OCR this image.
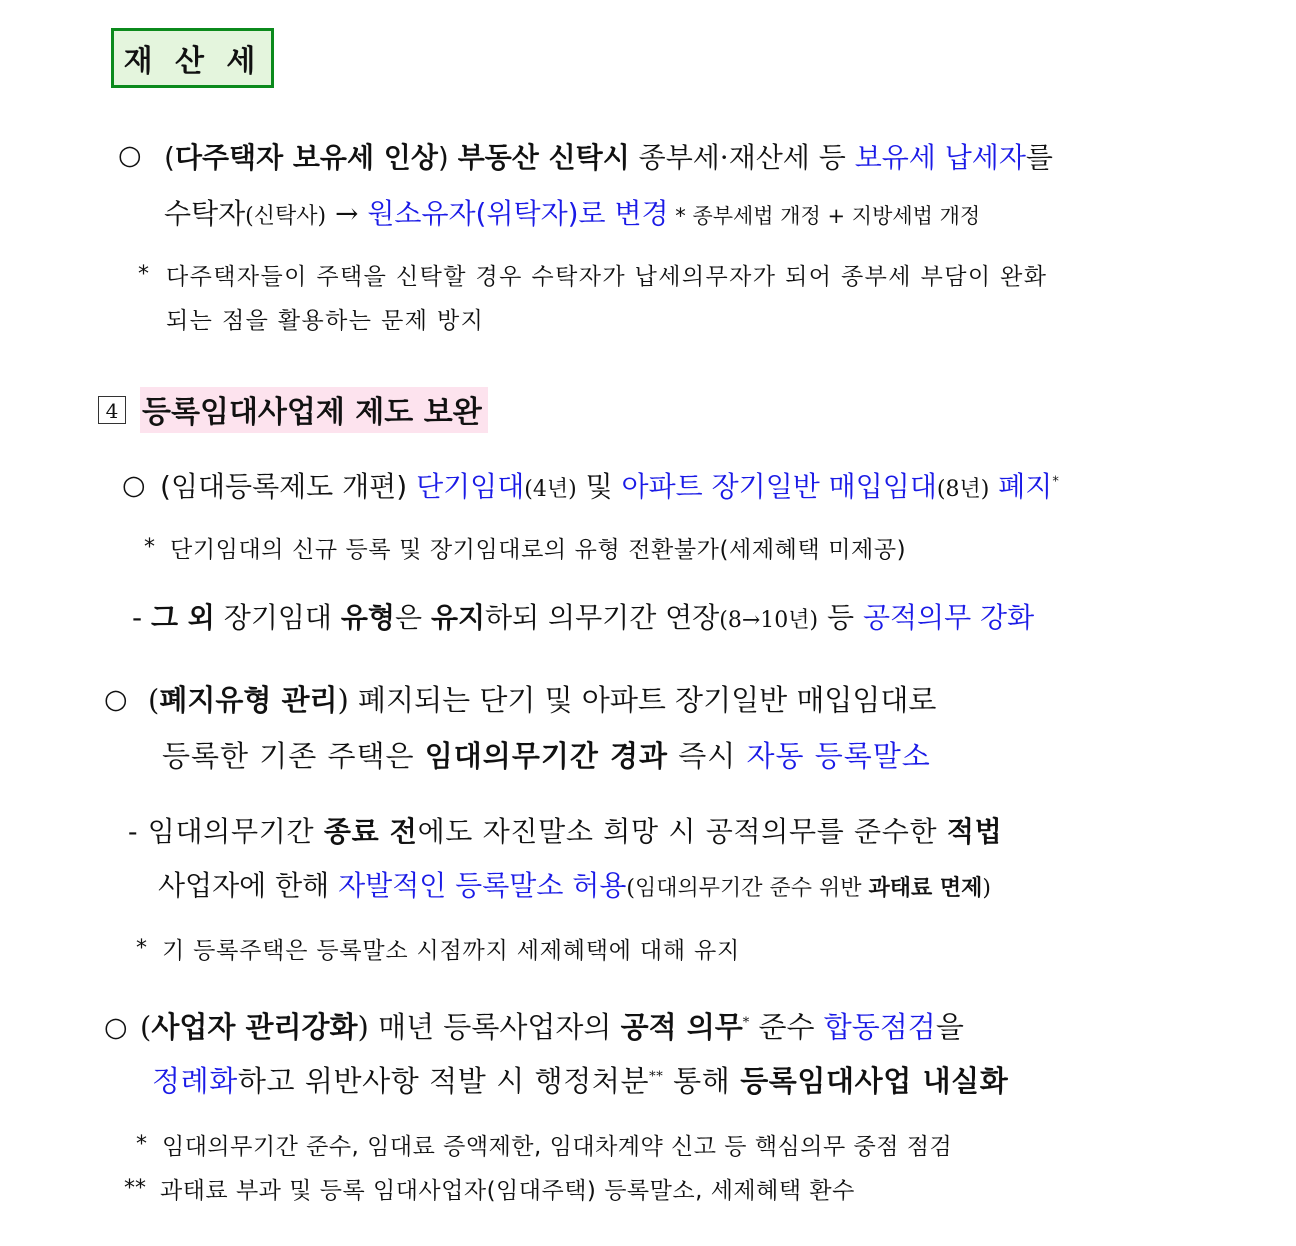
재 산 세
○ (다주택자 보유세 인상) 부동산 신탁시 종부세·재산세 등 보유세 납세자를
수탁자(신탁사) → 원소유자(위탁자)로 변경 * 종부세법 개정 + 지방세법 개정
* 다주택자들이 주택을 신탁할 경우 수탁자가 납세의무자가 되어 종부세 부담이 완화
되는 점을 활용하는 문제 방지
4 등록임대사업제 제도 보완
○ (임대등록제도 개편) 단기임대(4년) 및 아파트 장기일반 매입임대(8년) 폐지*
* 단기임대의 신규 등록 및 장기임대로의 유형 전환불가(세제혜택 미제공)
- 그 외 장기임대 유형은 유지하되 의무기간 연장(8→10년) 등 공적의무 강화
○ (폐지유형 관리) 폐지되는 단기 및 아파트 장기일반 매입임대로
등록한 기존 주택은 임대의무기간 경과 즉시 자동 등록말소
- 임대의무기간 종료 전에도 자진말소 희망 시 공적의무를 준수한 적법
사업자에 한해 자발적인 등록말소 허용(임대의무기간 준수 위반 과태료 면제)
* 기 등록주택은 등록말소 시점까지 세제혜택에 대해 유지
○ (사업자 관리강화) 매년 등록사업자의 공적 의무* 준수 합동점검을
정례화하고 위반사항 적발 시 행정처분** 통해 등록임대사업 내실화
* 임대의무기간 준수, 임대료 증액제한, 임대차계약 신고 등 핵심의무 중점 점검
** 과태료 부과 및 등록 임대사업자(임대주택) 등록말소, 세제혜택 환수
